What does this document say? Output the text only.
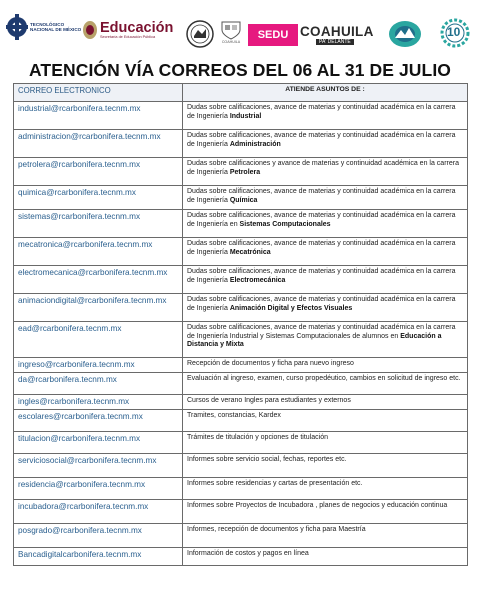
TECNOLÓGICO
NACIONAL DE MÉXICO Educación
Secretaría de Educación Pública
COAHUILA
SEDU COAHUILA
PA' DELANTE
10
ATENCIÓN VÍA CORREOS DEL 06 AL 31 DE JULIO
CORREO ELECTRONICO	ATIENDE ASUNTOS DE :
industrial@rcarbonifera.tecnm.mx	Dudas sobre calificaciones, avance de materias y continuidad académica en la carrera de Ingeniería Industrial
administracion@rcarbonifera.tecnm.mx	Dudas sobre calificaciones, avance de materias y continuidad académica en la carrera de Ingeniería Administración
petrolera@rcarbonifera.tecnm.mx	Dudas sobre calificaciones y avance de materias y continuidad académica en la carrera de Ingeniería Petrolera
quimica@rcarbonifera.tecnm.mx	Dudas sobre calificaciones, avance de materias y continuidad académica en la carrera de Ingeniería Química
sistemas@rcarbonifera.tecnm.mx	Dudas sobre calificaciones, avance de materias y continuidad académica en la carrera de Ingeniería en Sistemas Computacionales
mecatronica@rcarbonifera.tecnm.mx	Dudas sobre calificaciones, avance de materias y continuidad académica en la carrera de Ingeniería Mecatrónica
electromecanica@rcarbonifera.tecnm.mx	Dudas sobre calificaciones, avance de materias y continuidad académica en la carrera de Ingeniería Electromecánica
animaciondigital@rcarbonifera.tecnm.mx	Dudas sobre calificaciones, avance de materias y continuidad académica en la carrera de Ingeniería Animación Digital y Efectos Visuales
ead@rcarbonifera.tecnm.mx	Dudas sobre calificaciones, avance de materias y continuidad académica en la carrera de Ingeniería Industrial y Sistemas Computacionales de alumnos en Educación a Distancia y Mixta
ingreso@rcarbonifera.tecnm.mx	Recepción de documentos y ficha para nuevo ingreso
da@rcarbonifera.tecnm.mx	Evaluación al ingreso, examen, curso propedéutico, cambios en solicitud de ingreso etc.
ingles@rcarbonifera.tecnm.mx	Cursos de verano Ingles para estudiantes y externos
escolares@rcarbonifera.tecnm.mx	Tramites, constancias, Kardex
titulacion@rcarbonifera.tecnm.mx	Trámites de titulación y opciones de titulación
serviciosocial@rcarbonifera.tecnm.mx	Informes sobre servicio social, fechas, reportes etc.
residencia@rcarbonifera.tecnm.mx	Informes sobre residencias y cartas de presentación etc.
incubadora@rcarbonifera.tecnm.mx	Informes sobre Proyectos de Incubadora , planes de negocios y educación continua
posgrado@rcarbonifera.tecnm.mx	Informes, recepción de documentos y ficha para Maestría
Bancadigitalcarbonifera.tecnm.mx	Información de costos y pagos en línea
